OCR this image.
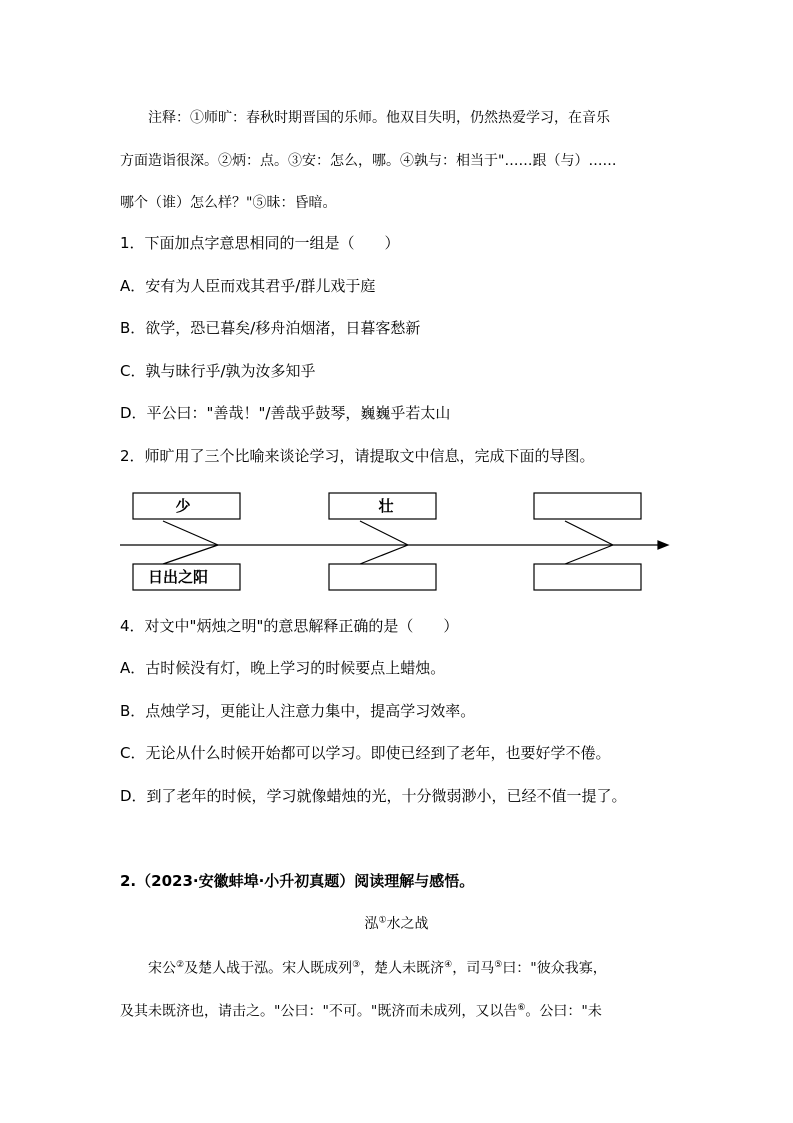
注释：①师旷：春秋时期晋国的乐师。他双目失明，仍然热爱学习，在音乐
方面造诣很深。②炳：点。③安：怎么，哪。④孰与：相当于"……跟（与）……
哪个（谁）怎么样？"⑤昧：昏暗。
1．下面加点字意思相同的一组是（　　）
A．安有为人臣而戏其君乎/群儿戏于庭
B．欲学，恐已暮矣/移舟泊烟渚，日暮客愁新
C．孰与昧行乎/孰为汝多知乎
D．平公曰："善哉！"/善哉乎鼓琴，巍巍乎若太山
2．师旷用了三个比喻来谈论学习，请提取文中信息，完成下面的导图。
少	壮
日出之阳
4．对文中"炳烛之明"的意思解释正确的是（　　）
A．古时候没有灯，晚上学习的时候要点上蜡烛。
B．点烛学习，更能让人注意力集中，提高学习效率。
C．无论从什么时候开始都可以学习。即使已经到了老年，也要好学不倦。
D．到了老年的时候，学习就像蜡烛的光，十分微弱渺小，已经不值一提了。
2.（2023·安徽蚌埠·小升初真题）阅读理解与感悟。
泓①水之战
宋公②及楚人战于泓。宋人既成列③，楚人未既济④，司马⑤曰："彼众我寡，
及其未既济也，请击之。"公曰："不可。"既济而未成列，又以告⑥。公曰："未
